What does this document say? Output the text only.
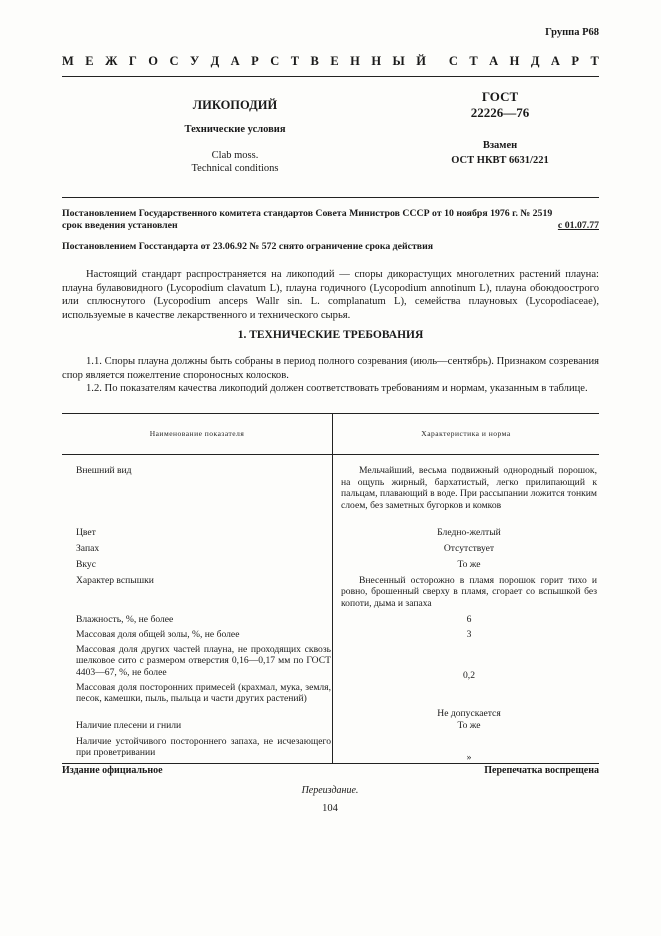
Группа Р68
М Е Ж Г О С У Д А Р С Т В Е Н Н Ы Й С Т А Н Д А Р Т
ЛИКОПОДИЙ
Технические условия
Clab moss.
Technical conditions
ГОСТ
22226—76
Взамен
ОСТ НКВТ 6631/221
Постановлением Государственного комитета стандартов Совета Министров СССР от 10 ноября 1976 г. № 2519
срок введения установлен	с 01.07.77
Постановлением Госстандарта от 23.06.92 № 572 снято ограничение срока действия
Настоящий стандарт распространяется на ликоподий — споры дикорастущих многолетних растений плауна: плауна булавовидного (Lycopodium clavatum L), плауна годичного (Lycopodium annotinum L), плауна обоюдоострого или сплюснутого (Lycopodium anceps Wallr sin. L. complanatum L), семейства плауновых (Lycopodiaceae), используемые в качестве лекарственного и технического сырья.
1. ТЕХНИЧЕСКИЕ ТРЕБОВАНИЯ
1.1. Споры плауна должны быть собраны в период полного созревания (июль—сентябрь). Признаком созревания спор является пожелтение спороносных колосков.
1.2. По показателям качества ликоподий должен соответствовать требованиям и нормам, указанным в таблице.
Наименование показателя	Характеристика и норма
Внешний вид	Мельчайший, весьма подвижный однородный порошок, на ощупь жирный, бархатистый, легко прилипающий к пальцам, плавающий в воде. При рассыпании ложится тонким слоем, без заметных бугорков и комков
Цвет	Бледно-желтый
Запах	Отсутствует
Вкус	То же
Характер вспышки	Внесенный осторожно в пламя порошок горит тихо и ровно, брошенный сверху в пламя, сгорает со вспышкой без копоти, дыма и запаха
Влажность, %, не более	6
Массовая доля общей золы, %, не более	3
Массовая доля других частей плауна, не проходящих сквозь шелковое сито с размером отверстия 0,16—0,17 мм по ГОСТ 4403—67, %, не более	0,2
Массовая доля посторонних примесей (крахмал, мука, земля, песок, камешки, пыль, пыльца и части других растений)	Не допускается
Наличие плесени и гнили	То же
Наличие устойчивого постороннего запаха, не исчезающего при проветривании	»
Издание официальное	Перепечатка воспрещена
Переиздание.
104
